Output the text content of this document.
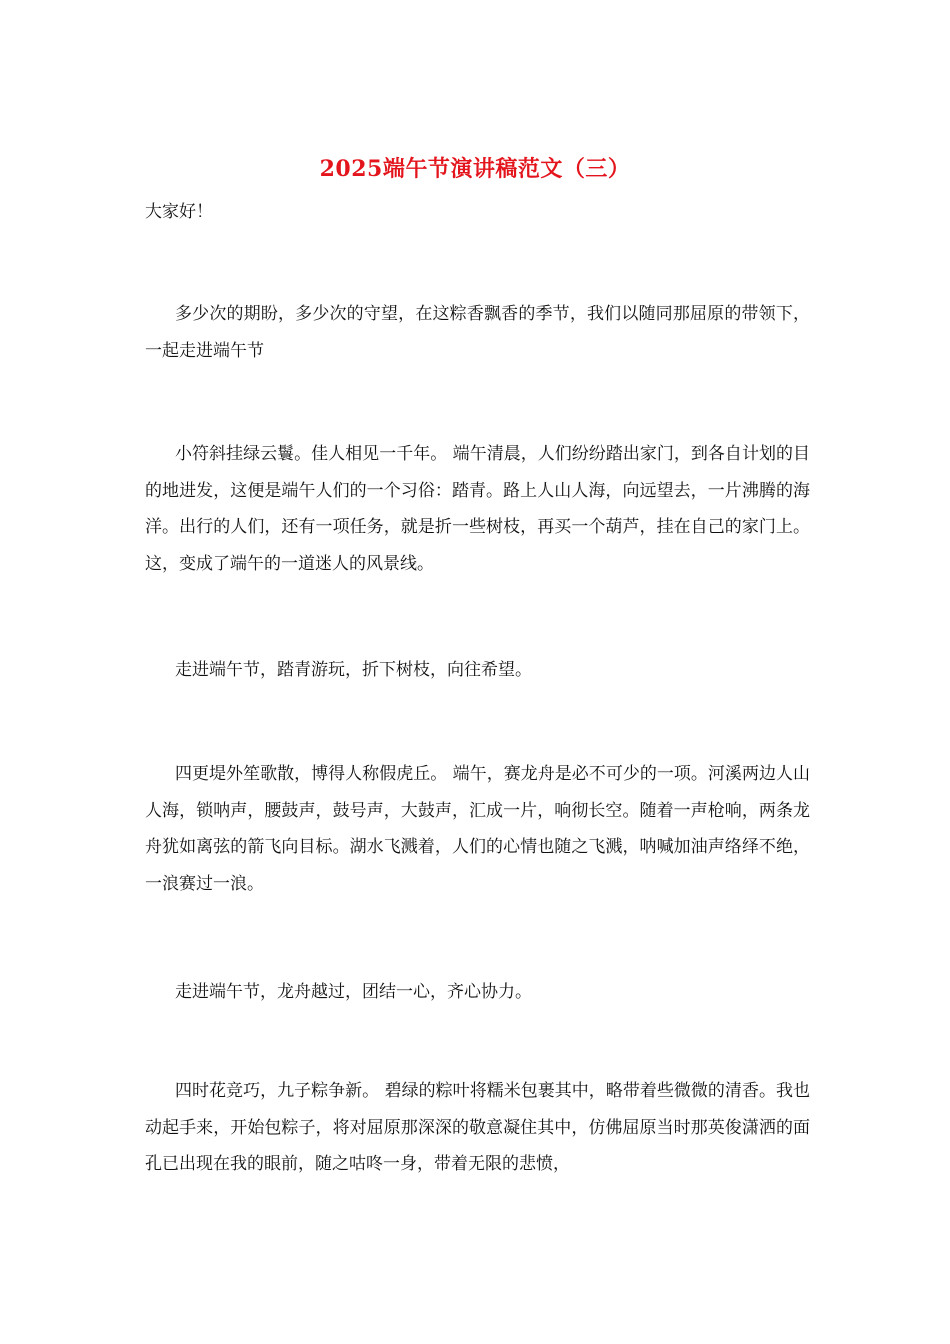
2025端午节演讲稿范文（三）
大家好！

多少次的期盼，多少次的守望，在这粽香飘香的季节，我们以随同那屈原的带领下，一起走进端午节

小符斜挂绿云鬟。佳人相见一千年。 端午清晨，人们纷纷踏出家门，到各自计划的目的地进发，这便是端午人们的一个习俗：踏青。路上人山人海，向远望去，一片沸腾的海洋。出行的人们，还有一项任务，就是折一些树枝，再买一个葫芦，挂在自己的家门上。这，变成了端午的一道迷人的风景线。

走进端午节，踏青游玩，折下树枝，向往希望。

四更堤外笙歌散，博得人称假虎丘。 端午，赛龙舟是必不可少的一项。河溪两边人山人海，锁呐声，腰鼓声，鼓号声，大鼓声，汇成一片，响彻长空。随着一声枪响，两条龙舟犹如离弦的箭飞向目标。湖水飞溅着，人们的心情也随之飞溅，呐喊加油声络绎不绝，一浪赛过一浪。

走进端午节，龙舟越过，团结一心，齐心协力。

四时花竞巧，九子粽争新。 碧绿的粽叶将糯米包裹其中，略带着些微微的清香。我也动起手来，开始包粽子，将对屈原那深深的敬意凝住其中，仿佛屈原当时那英俊潇洒的面孔已出现在我的眼前，随之咕咚一身，带着无限的悲愤，
